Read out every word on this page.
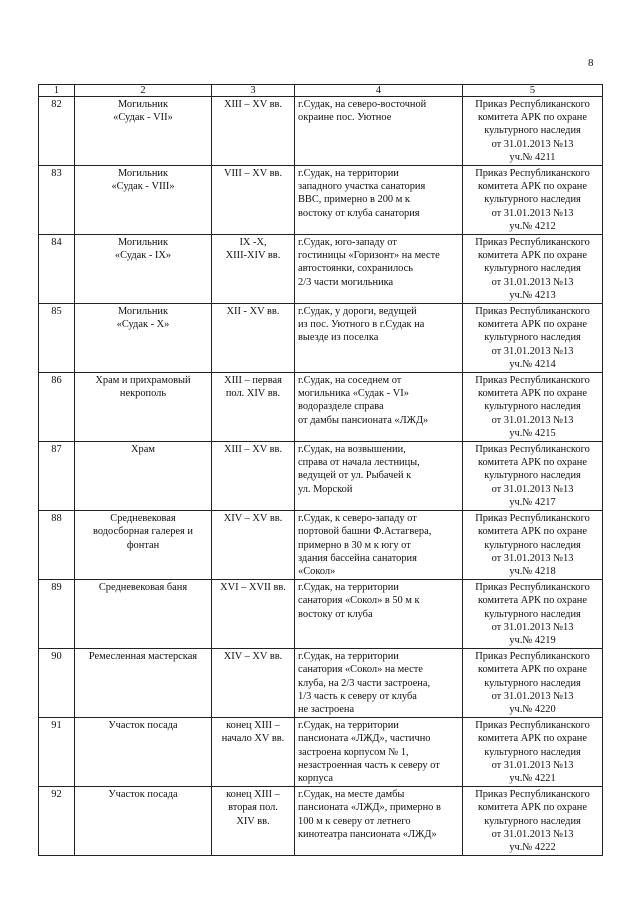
8
1	2	3	4	5
82	Могильник
«Судак - VII»	XIII – XV вв.	г.Судак, на северо-восточной
окраине пос. Уютное	Приказ Республиканского
комитета АРК по охране
культурного наследия
от 31.01.2013 №13
уч.№ 4211
83	Могильник
«Судак - VIII»	VIII – XV вв.	г.Судак, на территории
западного участка санатория
ВВС, примерно в 200 м к
востоку от клуба санатория	Приказ Республиканского
комитета АРК по охране
культурного наследия
от 31.01.2013 №13
уч.№ 4212
84	Могильник
«Судак - IX»	IX -X,
XIII-XIV вв.	г.Судак, юго-западу от
гостиницы «Горизонт» на месте
автостоянки, сохранилось
2/3 части могильника	Приказ Республиканского
комитета АРК по охране
культурного наследия
от 31.01.2013 №13
уч.№ 4213
85	Могильник
«Судак - X»	XII - XV вв.	г.Судак, у дороги, ведущей
из пос. Уютного в г.Судак на
выезде из поселка	Приказ Республиканского
комитета АРК по охране
культурного наследия
от 31.01.2013 №13
уч.№ 4214
86	Храм и прихрамовый
некрополь	XIII – первая
пол. XIV вв.	г.Судак, на соседнем от
могильника «Судак - VI»
водоразделе справа
от дамбы пансионата «ЛЖД»	Приказ Республиканского
комитета АРК по охране
культурного наследия
от 31.01.2013 №13
уч.№ 4215
87	Храм	XIII – XV вв.	г.Судак, на возвышении,
справа от начала лестницы,
ведущей от ул. Рыбачей к
ул. Морской	Приказ Республиканского
комитета АРК по охране
культурного наследия
от 31.01.2013 №13
уч.№ 4217
88	Средневековая
водосборная галерея и
фонтан	XIV – XV вв.	г.Судак, к северо-западу от
портовой башни Ф.Астагвера,
примерно в 30 м к югу от
здания бассейна санатория
«Сокол»	Приказ Республиканского
комитета АРК по охране
культурного наследия
от 31.01.2013 №13
уч.№ 4218
89	Средневековая баня	XVI – XVII вв.	г.Судак, на территории
санатория «Сокол» в 50 м к
востоку от клуба	Приказ Республиканского
комитета АРК по охране
культурного наследия
от 31.01.2013 №13
уч.№ 4219
90	Ремесленная мастерская	XIV – XV вв.	г.Судак, на территории
санатория «Сокол» на месте
клуба, на 2/3 части застроена,
1/3 часть к северу от клуба
не застроена	Приказ Республиканского
комитета АРК по охране
культурного наследия
от 31.01.2013 №13
уч.№ 4220
91	Участок посада	конец XIII –
начало XV вв.	г.Судак, на территории
пансионата «ЛЖД», частично
застроена корпусом № 1,
незастроенная часть к северу от
корпуса	Приказ Республиканского
комитета АРК по охране
культурного наследия
от 31.01.2013 №13
уч.№ 4221
92	Участок посада	конец XIII –
вторая пол.
XIV вв.	г.Судак, на месте дамбы
пансионата «ЛЖД», примерно в
100 м к северу от летнего
кинотеатра пансионата «ЛЖД»	Приказ Республиканского
комитета АРК по охране
культурного наследия
от 31.01.2013 №13
уч.№ 4222
